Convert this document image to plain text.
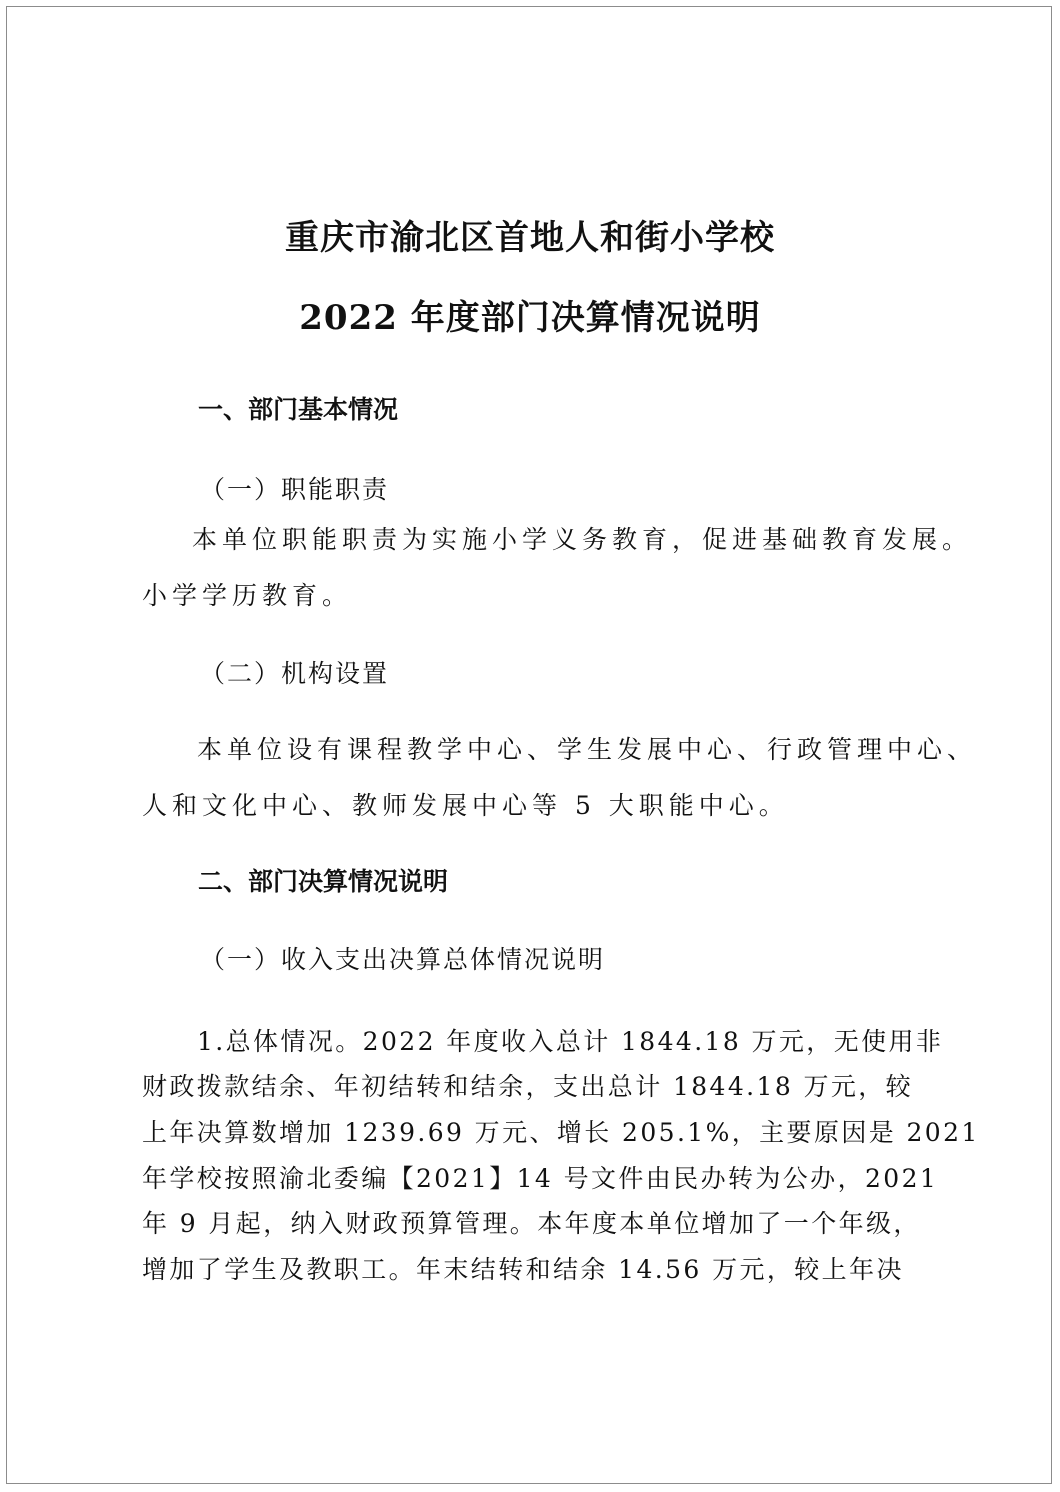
重庆市渝北区首地人和街小学校
2022 年度部门决算情况说明
一、部门基本情况
（一）职能职责
本单位职能职责为实施小学义务教育，促进基础教育发展。
小学学历教育。
（二）机构设置
本单位设有课程教学中心、学生发展中心、行政管理中心、
人和文化中心、教师发展中心等 5 大职能中心。
二、部门决算情况说明
（一）收入支出决算总体情况说明
1.总体情况。2022 年度收入总计 1844.18 万元，无使用非
财政拨款结余、年初结转和结余，支出总计 1844.18 万元，较
上年决算数增加 1239.69 万元、增长 205.1%，主要原因是 2021
年学校按照渝北委编【2021】14 号文件由民办转为公办，2021
年 9 月起，纳入财政预算管理。本年度本单位增加了一个年级，
增加了学生及教职工。年末结转和结余 14.56 万元，较上年决
